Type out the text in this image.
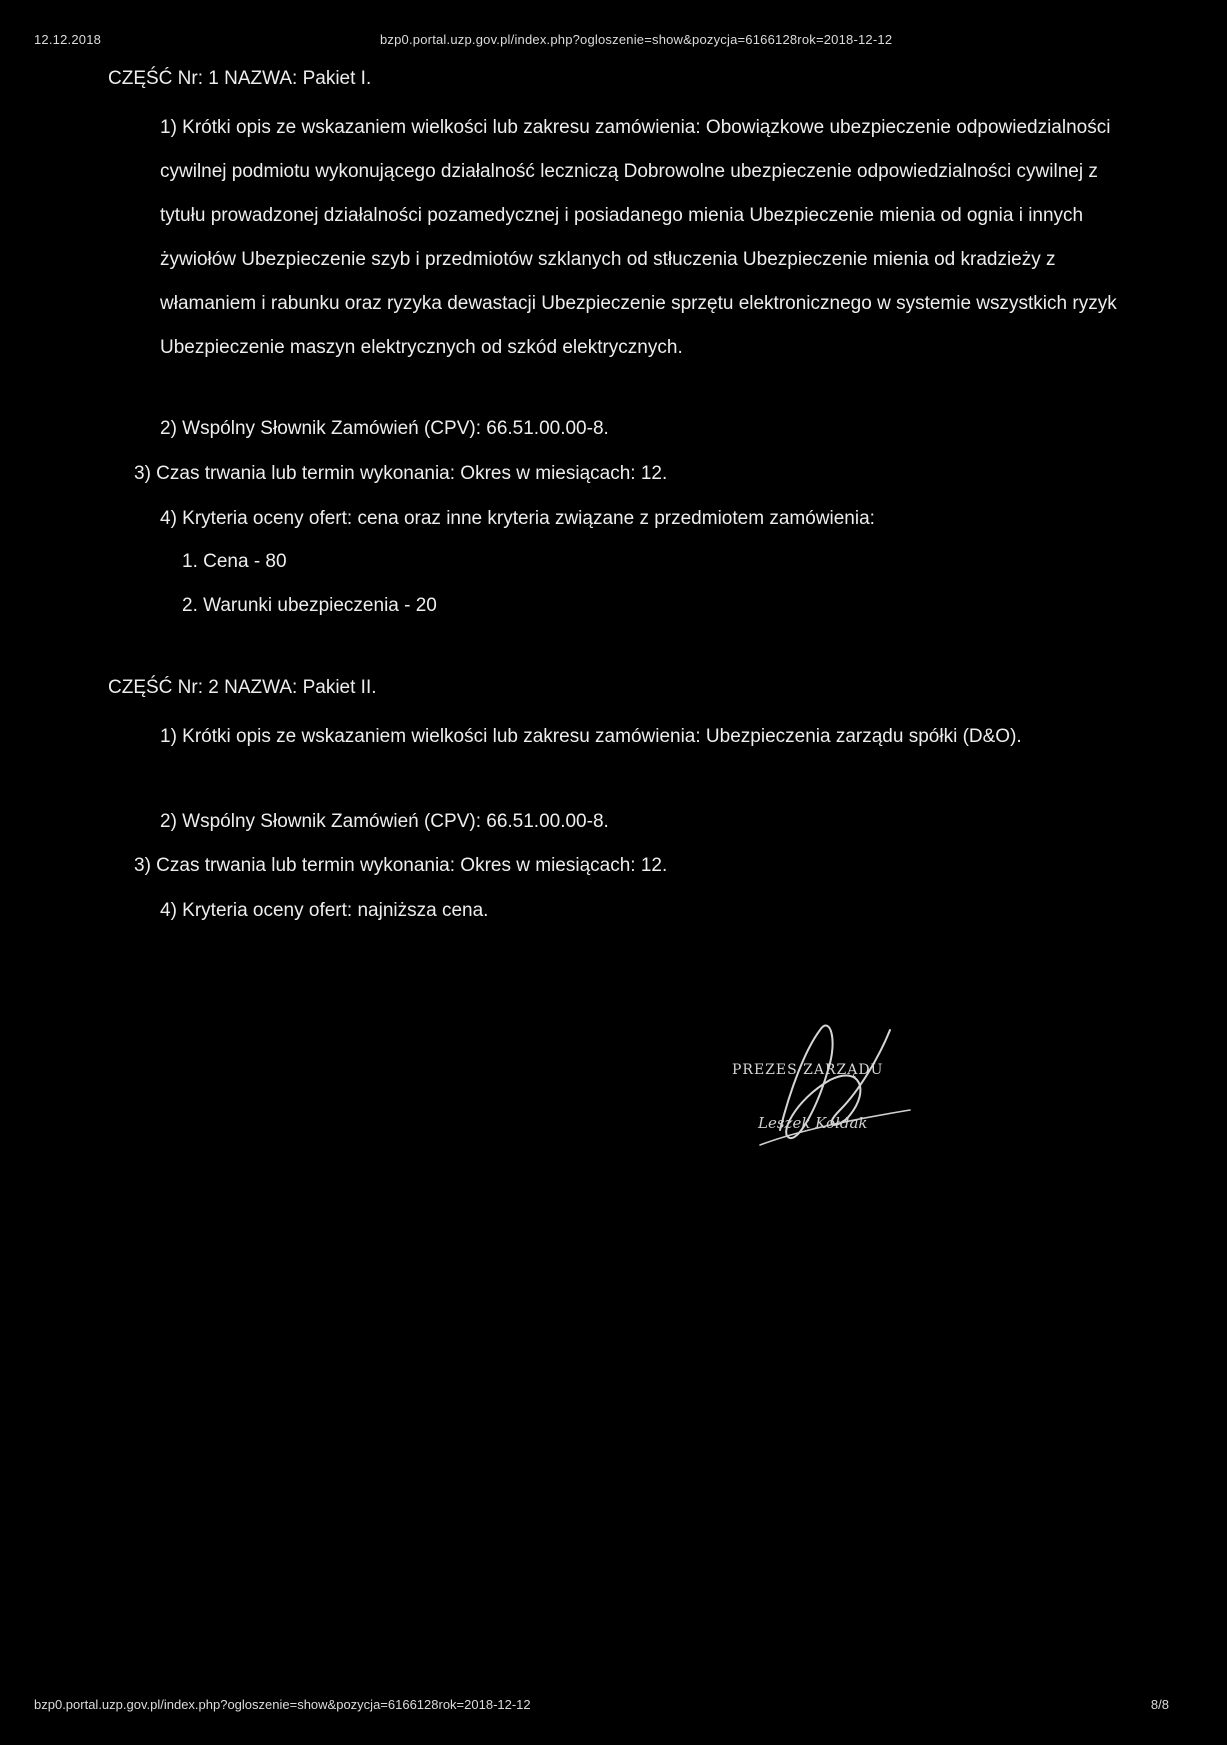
12.12.2018	bzp0.portal.uzp.gov.pl/index.php?ogloszenie=show&pozycja=6166128rok=2018-12-12
CZĘŚĆ Nr: 1 NAZWA: Pakiet I.
1) Krótki opis ze wskazaniem wielkości lub zakresu zamówienia: Obowiązkowe ubezpieczenie odpowiedzialności cywilnej podmiotu wykonującego działalność leczniczą Dobrowolne ubezpieczenie odpowiedzialności cywilnej z tytułu prowadzonej działalności pozamedycznej i posiadanego mienia Ubezpieczenie mienia od ognia i innych żywiołów Ubezpieczenie szyb i przedmiotów szklanych od stłuczenia Ubezpieczenie mienia od kradzieży z włamaniem i rabunku oraz ryzyka dewastacji Ubezpieczenie sprzętu elektronicznego w systemie wszystkich ryzyk Ubezpieczenie maszyn elektrycznych od szkód elektrycznych.
2) Wspólny Słownik Zamówień (CPV): 66.51.00.00-8.
3) Czas trwania lub termin wykonania: Okres w miesiącach: 12.
4) Kryteria oceny ofert: cena oraz inne kryteria związane z przedmiotem zamówienia:
1. Cena - 80
2. Warunki ubezpieczenia - 20
CZĘŚĆ Nr: 2 NAZWA: Pakiet II.
1) Krótki opis ze wskazaniem wielkości lub zakresu zamówienia: Ubezpieczenia zarządu spółki (D&O).
2) Wspólny Słownik Zamówień (CPV): 66.51.00.00-8.
3) Czas trwania lub termin wykonania: Okres w miesiącach: 12.
4) Kryteria oceny ofert: najniższa cena.
PREZES ZARZĄDU
Leszek Kołdak
bzp0.portal.uzp.gov.pl/index.php?ogloszenie=show&pozycja=6166128rok=2018-12-12	8/8
